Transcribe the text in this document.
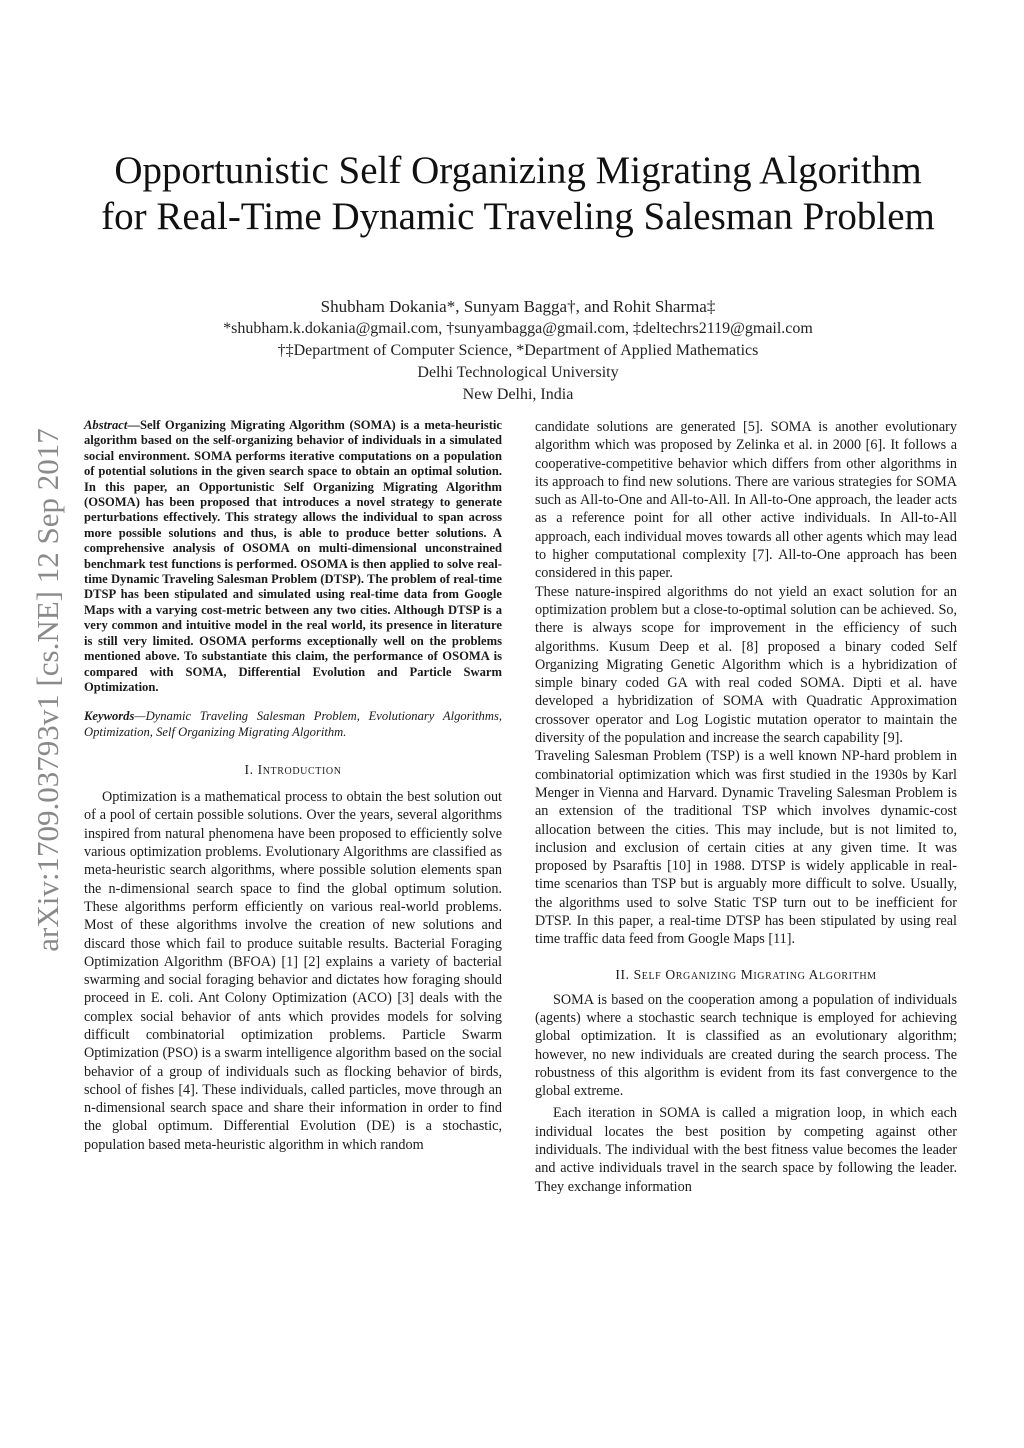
arXiv:1709.03793v1 [cs.NE] 12 Sep 2017
Opportunistic Self Organizing Migrating Algorithm
for Real-Time Dynamic Traveling Salesman Problem
Shubham Dokania*, Sunyam Bagga†, and Rohit Sharma‡
*shubham.k.dokania@gmail.com, †sunyambagga@gmail.com, ‡deltechrs2119@gmail.com
†‡Department of Computer Science, *Department of Applied Mathematics
Delhi Technological University
New Delhi, India

Abstract—Self Organizing Migrating Algorithm (SOMA) is a meta-heuristic algorithm based on the self-organizing behavior of individuals in a simulated social environment. SOMA performs iterative computations on a population of potential solutions in the given search space to obtain an optimal solution. In this paper, an Opportunistic Self Organizing Migrating Algorithm (OSOMA) has been proposed that introduces a novel strategy to generate perturbations effectively. This strategy allows the individual to span across more possible solutions and thus, is able to produce better solutions. A comprehensive analysis of OSOMA on multi-dimensional unconstrained benchmark test functions is performed. OSOMA is then applied to solve real-time Dynamic Traveling Salesman Problem (DTSP). The problem of real-time DTSP has been stipulated and simulated using real-time data from Google Maps with a varying cost-metric between any two cities. Although DTSP is a very common and intuitive model in the real world, its presence in literature is still very limited. OSOMA performs exceptionally well on the problems mentioned above. To substantiate this claim, the performance of OSOMA is compared with SOMA, Differential Evolution and Particle Swarm Optimization.

Keywords—Dynamic Traveling Salesman Problem, Evolutionary Algorithms, Optimization, Self Organizing Migrating Algorithm.

I. Introduction

Optimization is a mathematical process to obtain the best solution out of a pool of certain possible solutions. Over the years, several algorithms inspired from natural phenomena have been proposed to efficiently solve various optimization problems. Evolutionary Algorithms are classified as meta-heuristic search algorithms, where possible solution elements span the n-dimensional search space to find the global optimum solution. These algorithms perform efficiently on various real-world problems. Most of these algorithms involve the creation of new solutions and discard those which fail to produce suitable results. Bacterial Foraging Optimization Algorithm (BFOA) [1] [2] explains a variety of bacterial swarming and social foraging behavior and dictates how foraging should proceed in E. coli. Ant Colony Optimization (ACO) [3] deals with the complex social behavior of ants which provides models for solving difficult combinatorial optimization problems. Particle Swarm Optimization (PSO) is a swarm intelligence algorithm based on the social behavior of a group of individuals such as flocking behavior of birds, school of fishes [4]. These individuals, called particles, move through an n-dimensional search space and share their information in order to find the global optimum. Differential Evolution (DE) is a stochastic, population based meta-heuristic algorithm in which random

candidate solutions are generated [5]. SOMA is another evolutionary algorithm which was proposed by Zelinka et al. in 2000 [6]. It follows a cooperative-competitive behavior which differs from other algorithms in its approach to find new solutions. There are various strategies for SOMA such as All-to-One and All-to-All. In All-to-One approach, the leader acts as a reference point for all other active individuals. In All-to-All approach, each individual moves towards all other agents which may lead to higher computational complexity [7]. All-to-One approach has been considered in this paper.

These nature-inspired algorithms do not yield an exact solution for an optimization problem but a close-to-optimal solution can be achieved. So, there is always scope for improvement in the efficiency of such algorithms. Kusum Deep et al. [8] proposed a binary coded Self Organizing Migrating Genetic Algorithm which is a hybridization of simple binary coded GA with real coded SOMA. Dipti et al. have developed a hybridization of SOMA with Quadratic Approximation crossover operator and Log Logistic mutation operator to maintain the diversity of the population and increase the search capability [9].

Traveling Salesman Problem (TSP) is a well known NP-hard problem in combinatorial optimization which was first studied in the 1930s by Karl Menger in Vienna and Harvard. Dynamic Traveling Salesman Problem is an extension of the traditional TSP which involves dynamic-cost allocation between the cities. This may include, but is not limited to, inclusion and exclusion of certain cities at any given time. It was proposed by Psaraftis [10] in 1988. DTSP is widely applicable in real-time scenarios than TSP but is arguably more difficult to solve. Usually, the algorithms used to solve Static TSP turn out to be inefficient for DTSP. In this paper, a real-time DTSP has been stipulated by using real time traffic data feed from Google Maps [11].

II. Self Organizing Migrating Algorithm

SOMA is based on the cooperation among a population of individuals (agents) where a stochastic search technique is employed for achieving global optimization. It is classified as an evolutionary algorithm; however, no new individuals are created during the search process. The robustness of this algorithm is evident from its fast convergence to the global extreme.

Each iteration in SOMA is called a migration loop, in which each individual locates the best position by competing against other individuals. The individual with the best fitness value becomes the leader and active individuals travel in the search space by following the leader. They exchange information
